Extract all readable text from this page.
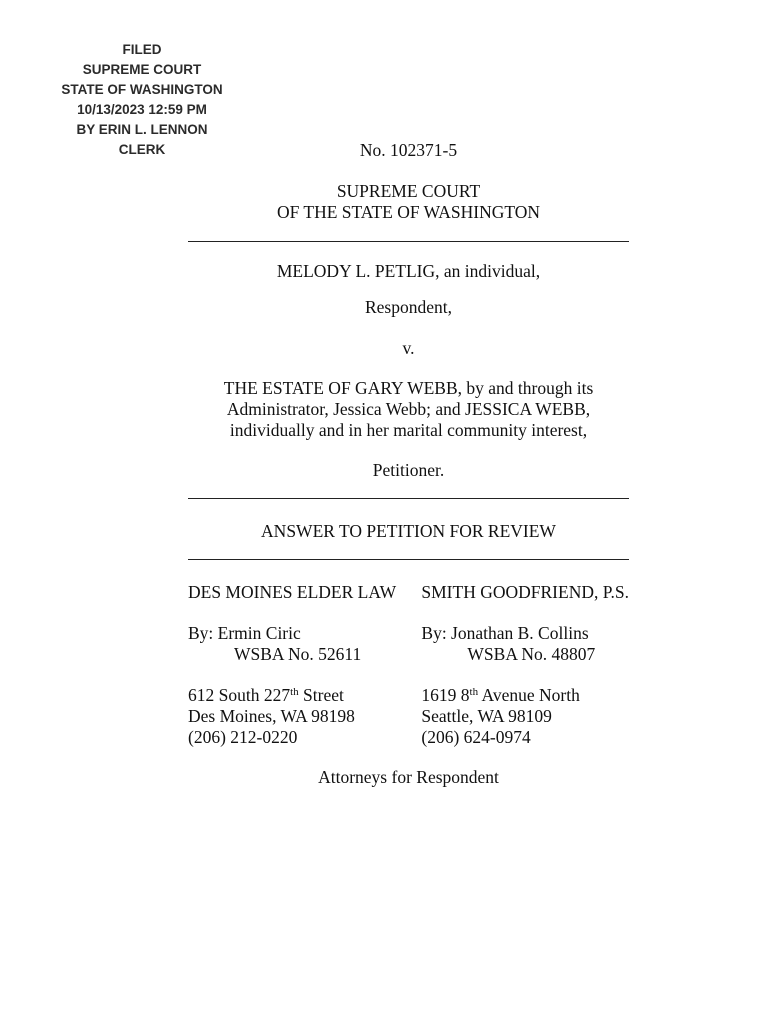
FILED
SUPREME COURT
STATE OF WASHINGTON
10/13/2023 12:59 PM
BY ERIN L. LENNON
CLERK	No. 102371-5

SUPREME COURT

OF THE STATE OF WASHINGTON

MELODY L. PETLIG, an individual,

Respondent,

v.

THE ESTATE OF GARY WEBB, by and through its

Administrator, Jessica Webb; and JESSICA WEBB,

individually and in her marital community interest,

Petitioner.

ANSWER TO PETITION FOR REVIEW

DES MOINES ELDER LAW

By: Ermin Ciric

WSBA No. 52611

612 South 227th Street

Des Moines, WA 98198

(206) 212-0220

SMITH GOODFRIEND, P.S.

By: Jonathan B. Collins

WSBA No. 48807

1619 8th Avenue North

Seattle, WA 98109

(206) 624-0974

Attorneys for Respondent
